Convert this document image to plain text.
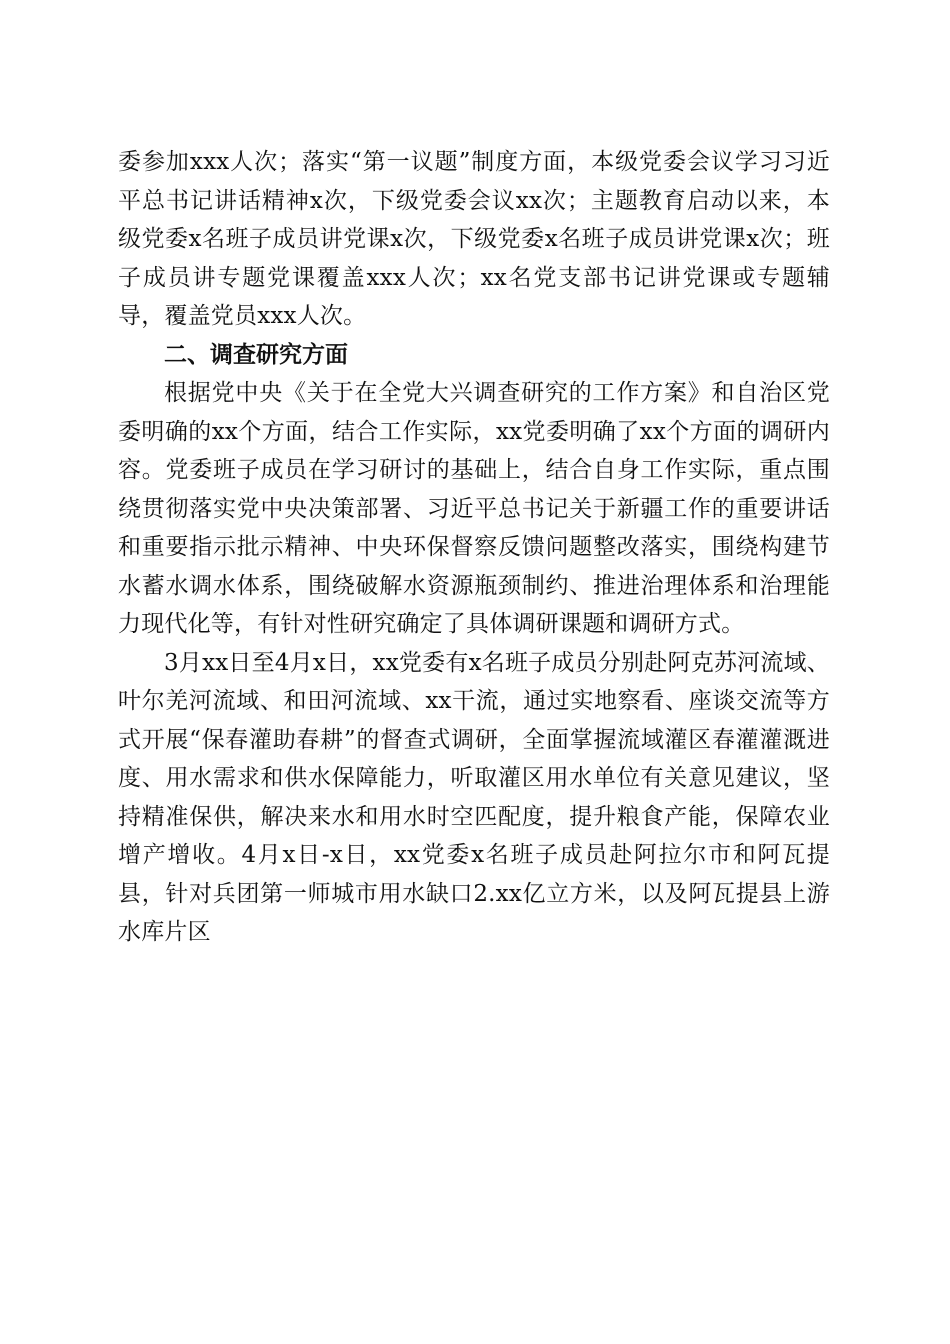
委参加xxx人次；落实“第一议题”制度方面，本级党委会议学习习近平总书记讲话精神x次，下级党委会议xx次；主题教育启动以来，本级党委x名班子成员讲党课x次，下级党委x名班子成员讲党课x次；班子成员讲专题党课覆盖xxx人次；xx名党支部书记讲党课或专题辅导，覆盖党员xxx人次。

二、调查研究方面

根据党中央《关于在全党大兴调查研究的工作方案》和自治区党委明确的xx个方面，结合工作实际，xx党委明确了xx个方面的调研内容。党委班子成员在学习研讨的基础上，结合自身工作实际，重点围绕贯彻落实党中央决策部署、习近平总书记关于新疆工作的重要讲话和重要指示批示精神、中央环保督察反馈问题整改落实，围绕构建节水蓄水调水体系，围绕破解水资源瓶颈制约、推进治理体系和治理能力现代化等，有针对性研究确定了具体调研课题和调研方式。

3月xx日至4月x日，xx党委有x名班子成员分别赴阿克苏河流域、叶尔羌河流域、和田河流域、xx干流，通过实地察看、座谈交流等方式开展“保春灌助春耕”的督查式调研，全面掌握流域灌区春灌灌溉进度、用水需求和供水保障能力，听取灌区用水单位有关意见建议，坚持精准保供，解决来水和用水时空匹配度，提升粮食产能，保障农业增产增收。4月x日-x日，xx党委x名班子成员赴阿拉尔市和阿瓦提县，针对兵团第一师城市用水缺口2.xx亿立方米，以及阿瓦提县上游水库片区
